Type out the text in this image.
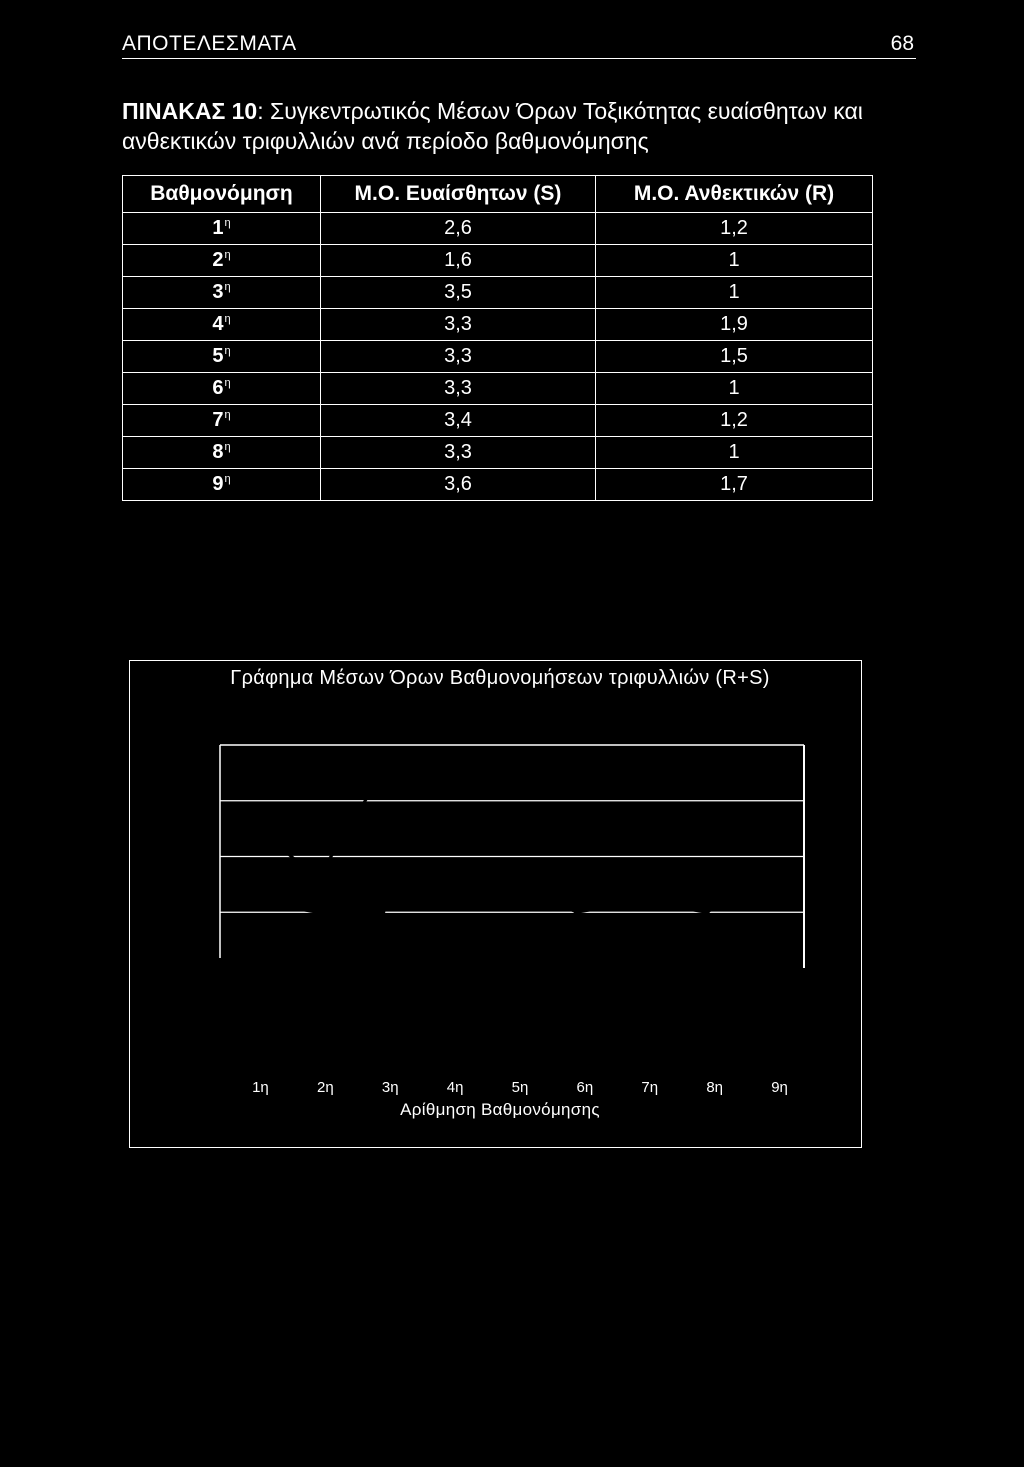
ΑΠΟΤΕΛΕΣΜΑΤΑ	68
ΠΙΝΑΚΑΣ 10: Συγκεντρωτικός Μέσων Όρων Τοξικότητας ευαίσθητων και ανθεκτικών τριφυλλιών ανά περίοδο βαθμονόμησης
Βαθμονόμηση	Μ.Ο. Ευαίσθητων (S)	Μ.Ο. Ανθεκτικών (R)
$1^\eta$	2,6	1,2
$2^\eta$	1,6	1
$3^\eta$	3,5	1
$4^\eta$	3,3	1,9
$5^\eta$	3,3	1,5
$6^\eta$	3,3	1
$7^\eta$	3,4	1,2
$8^\eta$	3,3	1
$9^\eta$	3,6	1,7
Γράφημα Μέσων Όρων Βαθμονομήσεων τριφυλλιών (R+S)
1η	2η	3η	4η	5η	6η	7η	8η	9η
Αρίθμηση Βαθμονόμησης
